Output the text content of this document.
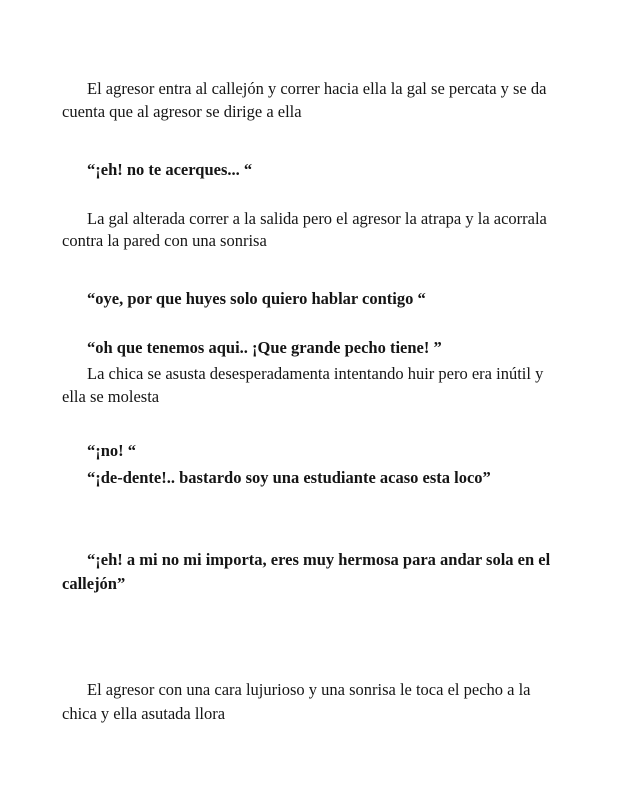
El agresor entra al callejón y correr hacia ella la gal se percata y se da

cuenta que al agresor se dirige a ella

“¡eh! no te acerques... “

La gal alterada correr a la salida pero el agresor la atrapa y la acorrala

contra la pared con una sonrisa

“oye, por que huyes solo quiero hablar contigo “

“oh que tenemos aqui.. ¡Que grande pecho tiene! ”

La chica se asusta desesperadamenta intentando huir pero era inútil y

ella se molesta

“¡no! “

“¡de-dente!.. bastardo soy una estudiante acaso esta loco”

“¡eh! a mi no mi importa, eres muy hermosa para andar sola en el

callejón”

El agresor con una cara lujurioso y una sonrisa le toca el pecho a la

chica y ella asutada llora
